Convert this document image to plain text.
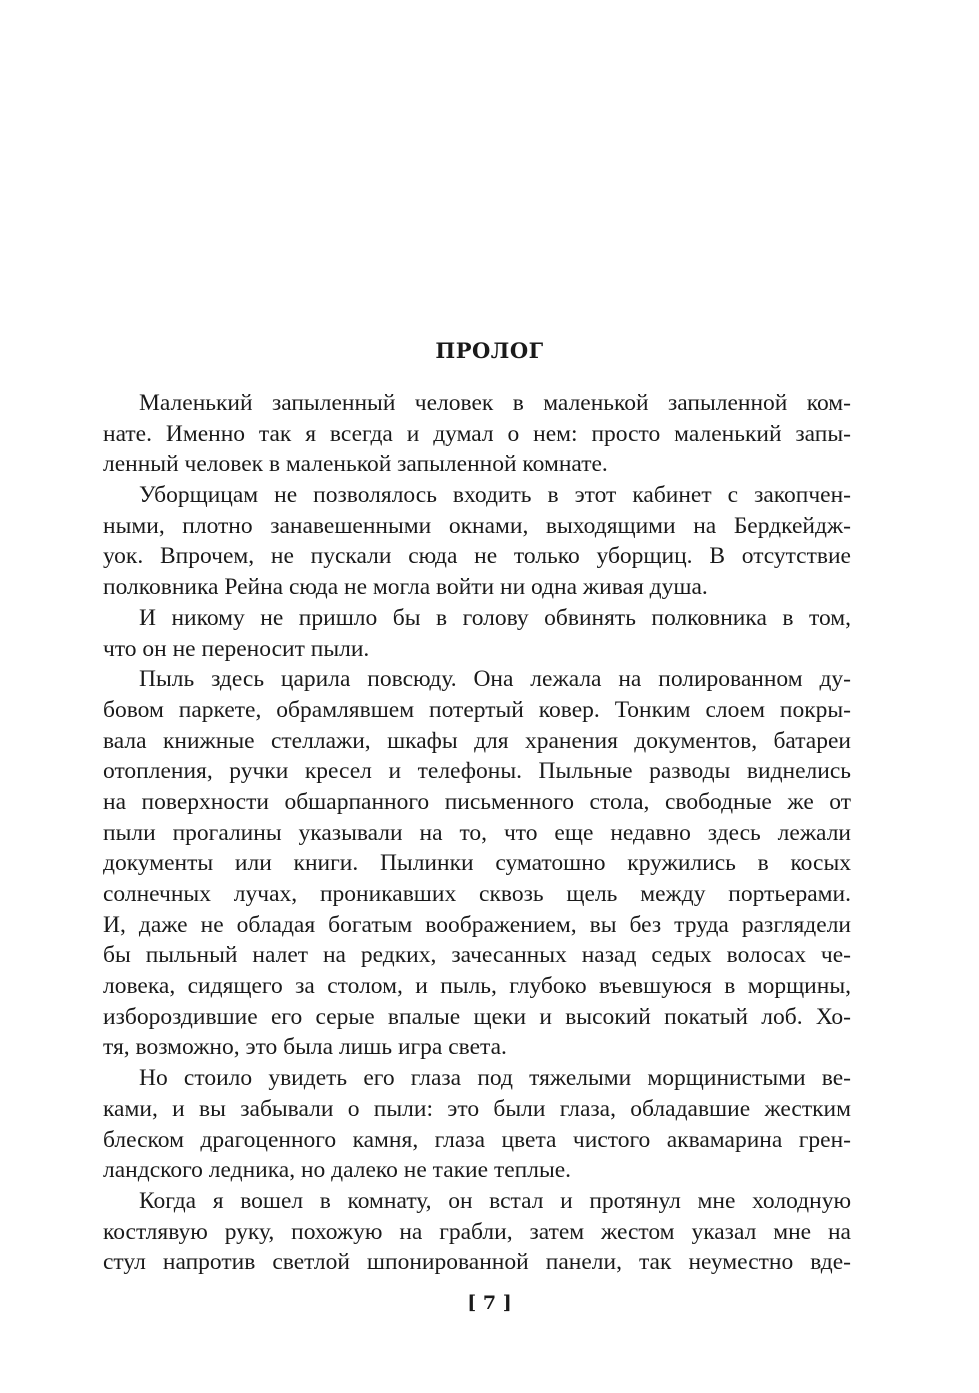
ПРОЛОГ
Маленький запыленный человек в маленькой запыленной ком-
нате. Именно так я всегда и думал о нем: просто маленький запы-
ленный человек в маленькой запыленной комнате.
Уборщицам не позволялось входить в этот кабинет с закопчен-
ными, плотно занавешенными окнами, выходящими на Бердкейдж-
уок. Впрочем, не пускали сюда не только уборщиц. В отсутствие
полковника Рейна сюда не могла войти ни одна живая душа.
И никому не пришло бы в голову обвинять полковника в том,
что он не переносит пыли.
Пыль здесь царила повсюду. Она лежала на полированном ду-
бовом паркете, обрамлявшем потертый ковер. Тонким слоем покры-
вала книжные стеллажи, шкафы для хранения документов, батареи
отопления, ручки кресел и телефоны. Пыльные разводы виднелись
на поверхности обшарпанного письменного стола, свободные же от
пыли прогалины указывали на то, что еще недавно здесь лежали
документы или книги. Пылинки суматошно кружились в косых
солнечных лучах, проникавших сквозь щель между портьерами.
И, даже не обладая богатым воображением, вы без труда разглядели
бы пыльный налет на редких, зачесанных назад седых волосах че-
ловека, сидящего за столом, и пыль, глубоко въевшуюся в морщины,
избороздившие его серые впалые щеки и высокий покатый лоб. Хо-
тя, возможно, это была лишь игра света.
Но стоило увидеть его глаза под тяжелыми морщинистыми ве-
ками, и вы забывали о пыли: это были глаза, обладавшие жестким
блеском драгоценного камня, глаза цвета чистого аквамарина грен-
ландского ледника, но далеко не такие теплые.
Когда я вошел в комнату, он встал и протянул мне холодную
костлявую руку, похожую на грабли, затем жестом указал мне на
стул напротив светлой шпонированной панели, так неуместно вде-
[ 7 ]
